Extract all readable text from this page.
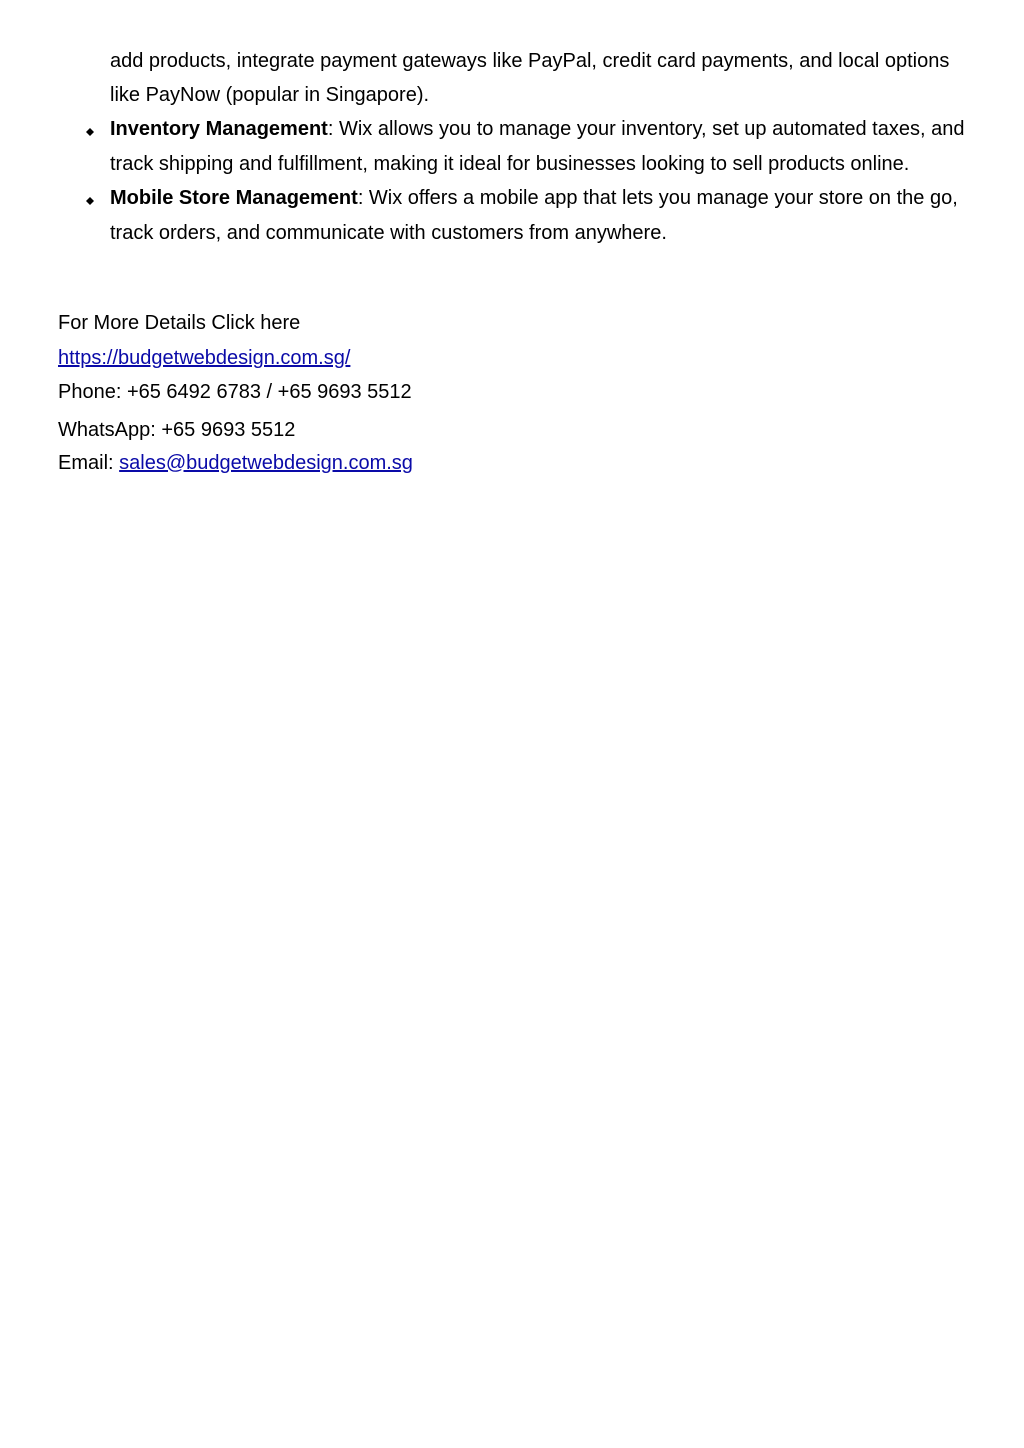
add products, integrate payment gateways like PayPal, credit card payments, and local options like PayNow (popular in Singapore).

Inventory Management: Wix allows you to manage your inventory, set up automated taxes, and track shipping and fulfillment, making it ideal for businesses looking to sell products online.
Mobile Store Management: Wix offers a mobile app that lets you manage your store on the go, track orders, and communicate with customers from anywhere.
For More Details Click here
https://budgetwebdesign.com.sg/
Phone: +65 6492 6783 / +65 9693 5512
WhatsApp: +65 9693 5512
Email: sales@budgetwebdesign.com.sg
